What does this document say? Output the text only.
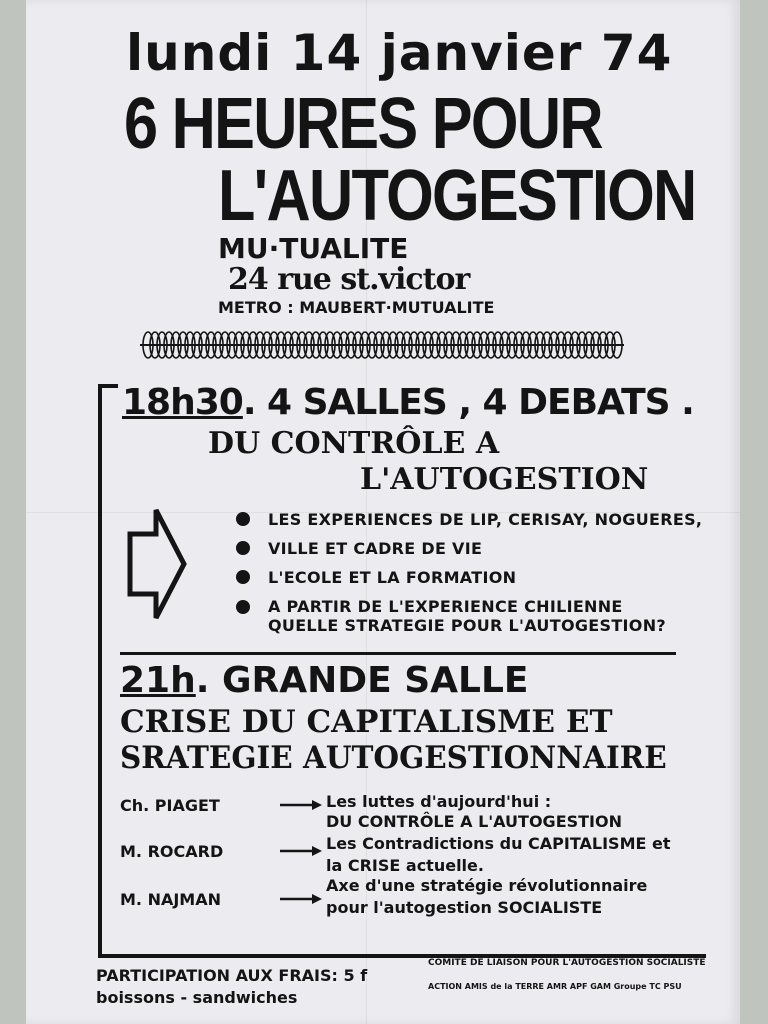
lundi 14 janvier 74

6 HEURES POUR

L'AUTOGESTION

MU·TUALITE

24 rue st.victor

METRO : MAUBERT·MUTUALITE

18h30. 4 SALLES , 4 DEBATS .

DU CONTRÔLE A

L'AUTOGESTION

LES EXPERIENCES DE LIP, CERISAY, NOGUERES,

VILLE ET CADRE DE VIE

L'ECOLE ET LA FORMATION

A PARTIR DE L'EXPERIENCE CHILIENNE

QUELLE STRATEGIE POUR L'AUTOGESTION?

21h. GRANDE SALLE

CRISE DU CAPITALISME ET

SRATEGIE AUTOGESTIONNAIRE

Ch. PIAGET	Les luttes d'aujourd'hui :

DU CONTRÔLE A L'AUTOGESTION

M. ROCARD	Les Contradictions du CAPITALISME et

la CRISE actuelle.

M. NAJMAN

Axe d'une stratégie révolutionnaire

pour l'autogestion SOCIALISTE

PARTICIPATION AUX FRAIS: 5 f

boissons - sandwiches

COMITÉ DE LIAISON POUR L'AUTOGESTION SOCIALISTE

ACTION AMIS de la TERRE AMR APF GAM Groupe TC PSU
